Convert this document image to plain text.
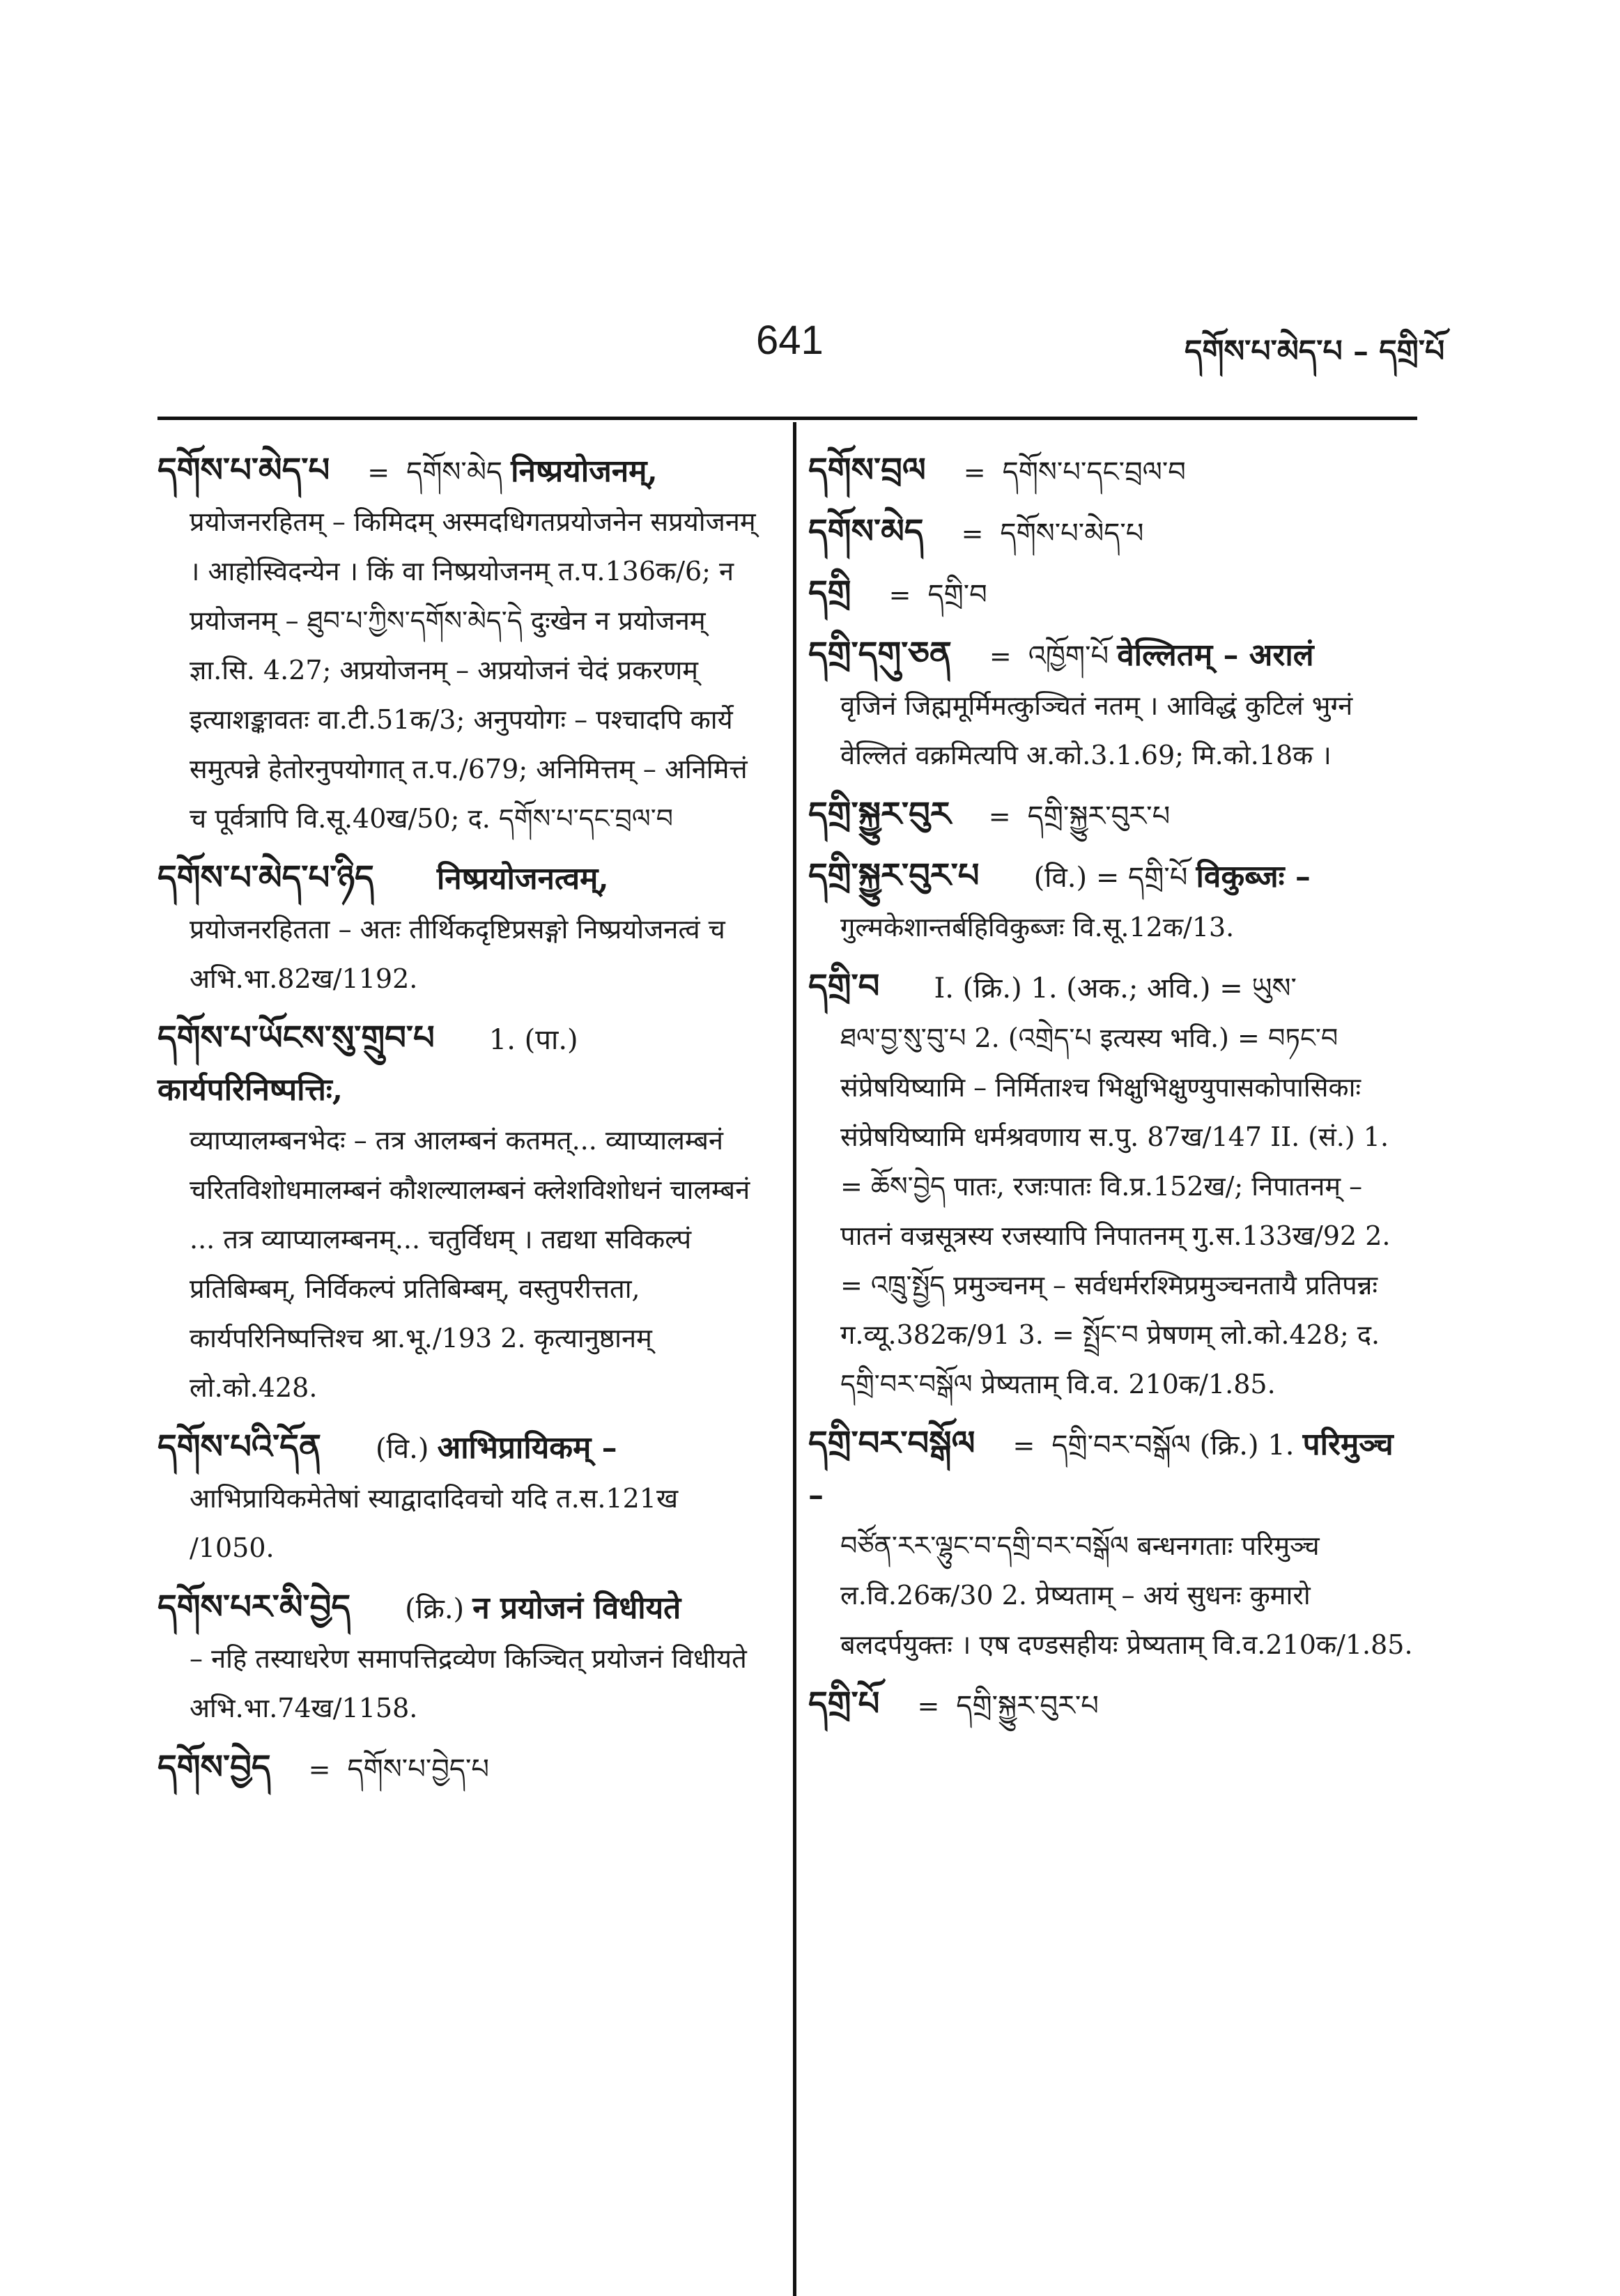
641	དགོས་པ་མེད་པ – དགྲི་པོ
དགོས་པ་མེད་པ = དགོས་མེད निष्प्रयोजनम्,
प्रयोजनरहितम् – किमिदम् अस्मदधिगतप्रयोजनेन सप्रयोजनम् । आहोस्विदन्येन । किं वा निष्प्रयोजनम् त.प.136क/6; न प्रयोजनम् – ཐུབ་པ་ཀྱིས་དགོས་མེད་དེ दुःखेन न प्रयोजनम् ज्ञा.सि. 4.27; अप्रयोजनम् – अप्रयोजनं चेदं प्रकरणम् इत्याशङ्कावतः वा.टी.51क/3; अनुपयोगः – पश्चादपि कार्ये समुत्पन्ने हेतोरनुपयोगात् त.प./679; अनिमित्तम् – अनिमित्तं च पूर्वत्रापि वि.सू.40ख/50; द. དགོས་པ་དང་བྲལ་བ
དགོས་པ་མེད་པ་ཉིད निष्प्रयोजनत्वम्,
प्रयोजनरहितता – अतः तीर्थिकदृष्टिप्रसङ्गो निष्प्रयोजनत्वं च अभि.भा.82ख/1192.
དགོས་པ་ཡོངས་སུ་གྲུབ་པ 1. (पा.) कार्यपरिनिष्पत्तिः,
व्याप्यालम्बनभेदः – तत्र आलम्बनं कतमत्... व्याप्यालम्बनं चरितविशोधमालम्बनं कौशल्यालम्बनं क्लेशविशोधनं चालम्बनं ... तत्र व्याप्यालम्बनम्... चतुर्विधम् । तद्यथा सविकल्पं प्रतिबिम्बम्, निर्विकल्पं प्रतिबिम्बम्, वस्तुपरीत्तता, कार्यपरिनिष्पत्तिश्च श्रा.भू./193 2. कृत्यानुष्ठानम् लो.को.428.
དགོས་པའི་དོན (वि.) आभिप्रायिकम् –
आभिप्रायिकमेतेषां स्याद्वादादिवचो यदि त.स.121ख /1050.
དགོས་པར་མི་བྱེད (क्रि.) न प्रयोजनं विधीयते
– नहि तस्याधरेण समापत्तिद्रव्येण किञ्चित् प्रयोजनं विधीयते अभि.भा.74ख/1158.
དགོས་བྱེད = དགོས་པ་བྱེད་པ
དགོས་བྲལ = དགོས་པ་དང་བྲལ་བ
དགོས་མེད = དགོས་པ་མེད་པ
དགྲི = དགྲི་བ
དགྲི་དགུ་ཅན = འཁྱོག་པོ वेल्लितम् – अरालं
वृजिनं जिह्ममूर्मिमत्कुञ्चितं नतम् । आविद्धं कुटिलं भुग्नं वेल्लितं वक्रमित्यपि अ.को.3.1.69; मि.को.18क ।
དགྲི་སྐྱུར་བུར = དགྲི་སྐྱུར་བུར་པ
དགྲི་སྐྱུར་བུར་པ (वि.) = དགྲི་པོ विकुब्जः –
गुल्मकेशान्तर्बहिविकुब्जः वि.सू.12क/13.
དགྲི་བ I. (क्रि.) 1. (अक.; अवि.) = ཡུས་
ཐལ་བྱ་སུ་བུ་པ 2. (འགྲེད་པ इत्यस्य भवि.) = བཏང་བ संप्रेषयिष्यामि – निर्मिताश्च भिक्षुभिक्षुण्युपासकोपासिकाः संप्रेषयिष्यामि धर्मश्रवणाय स.पु. 87ख/147 II. (सं.) 1. = ཆོས་བྱེད पातः, रजःपातः वि.प्र.152ख/; निपातनम् – पातनं वज्रसूत्रस्य रजस्यापि निपातनम् गु.स.133ख/92 2. = འཁྲུ་སྤྱོད प्रमुञ्चनम् – सर्वधर्मरश्मिप्रमुञ्चनतायै प्रतिपन्नः ग.व्यू.382क/91 3. = སྤྲོང་བ प्रेषणम् लो.को.428; द. དགྲི་བར་བསྒོལ प्रेष्यताम् वि.व. 210क/1.85.
དགྲི་བར་བསྒོལ = དགྲི་བར་བསྒོལ (क्रि.) 1. परिमुञ्च –
བཙོན་རར་ལྷུང་བ་དགྲི་བར་བསྒོལ बन्धनगताः परिमुञ्च ल.वि.26क/30 2. प्रेष्यताम् – अयं सुधनः कुमारो बलदर्पयुक्तः । एष दण्डसहीयः प्रेष्यताम् वि.व.210क/1.85.
དགྲི་པོ = དགྲི་སྐྱུར་བུར་པ
